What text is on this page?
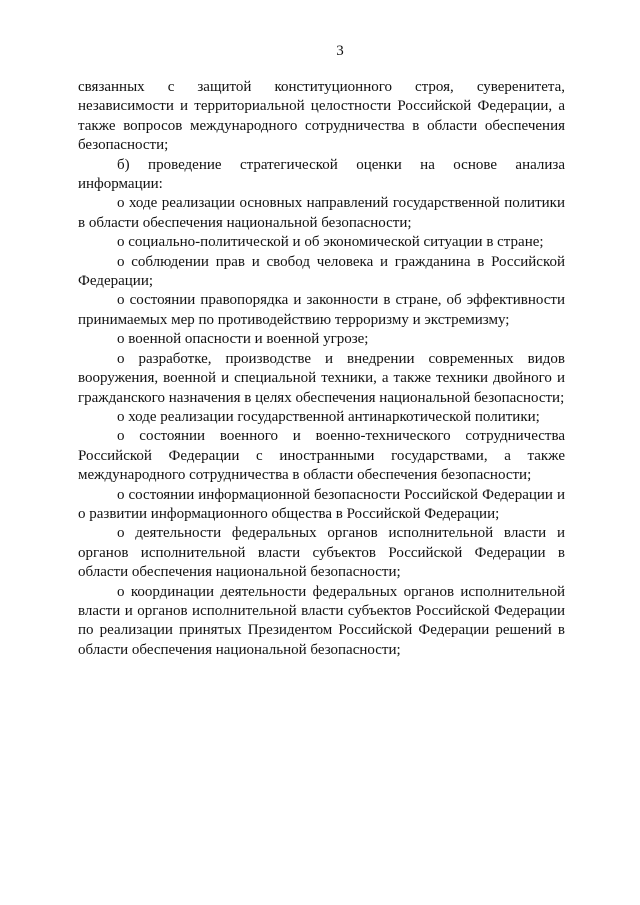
3

связанных с защитой конституционного строя, суверенитета, независимости и территориальной целостности Российской Федерации, а также вопросов международного сотрудничества в области обеспечения безопасности;

б) проведение стратегической оценки на основе анализа информации:

о ходе реализации основных направлений государственной политики в области обеспечения национальной безопасности;

о социально-политической и об экономической ситуации в стране;

о соблюдении прав и свобод человека и гражданина в Российской Федерации;

о состоянии правопорядка и законности в стране, об эффективности принимаемых мер по противодействию терроризму и экстремизму;

о военной опасности и военной угрозе;

о разработке, производстве и внедрении современных видов вооружения, военной и специальной техники, а также техники двойного и гражданского назначения в целях обеспечения национальной безопасности;

о ходе реализации государственной антинаркотической политики;

о состоянии военного и военно-технического сотрудничества Российской Федерации с иностранными государствами, а также международного сотрудничества в области обеспечения безопасности;

о состоянии информационной безопасности Российской Федерации и о развитии информационного общества в Российской Федерации;

о деятельности федеральных органов исполнительной власти и органов исполнительной власти субъектов Российской Федерации в области обеспечения национальной безопасности;

о координации деятельности федеральных органов исполнительной власти и органов исполнительной власти субъектов Российской Федерации по реализации принятых Президентом Российской Федерации решений в области обеспечения национальной безопасности;
